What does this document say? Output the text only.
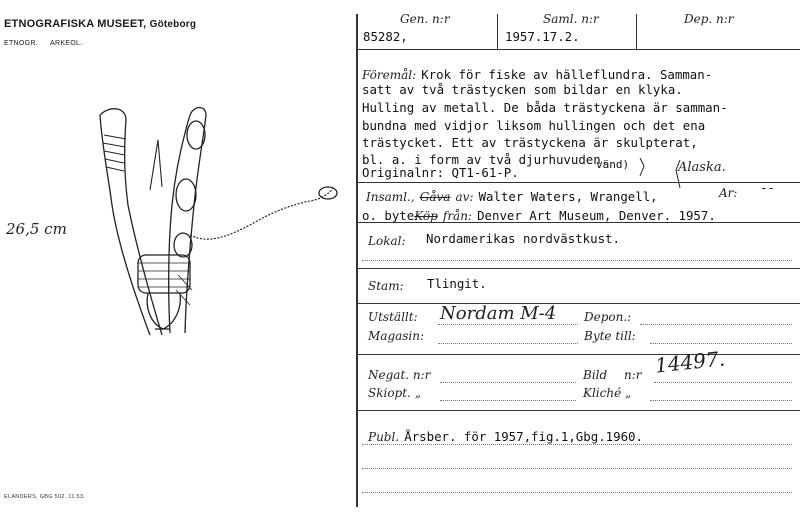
ETNOGRAFISKA MUSEET, Göteborg
ETNOGR. ARKEOL.
26,5 cm
ELANDERS, GBG 502. 11.53.
Gen. n:r
85282,
Saml. n:r
1957.17.2.
Dep. n:r
Föremål: Krok för fiske av hälleflundra. Samman-
satt av två trästycken som bildar en klyka.
Hulling av metall. De båda trästyckena är samman-
bundna med vidjor liksom hullingen och det ena
trästycket. Ett av trästyckena är skulpterat,
bl. a. i form av två djurhuvuden.
Originalnr: QT1-61-P.
vänd)	Alaska.
Insaml., Gåva av: Walter Waters, Wrangell,	Ar: --
o. byteKöp från: Denver Art Museum, Denver. 1957.
Lokal: Nordamerikas nordvästkust.
Stam: Tlingit.
Utställt: Nordam M-4 Depon.:
Magasin:	Byte till:
Negat. n:r	Bild n:r 14497.
Skiopt. „	Kliché „
Publ. Årsber. för 1957,fig.1,Gbg.1960.
